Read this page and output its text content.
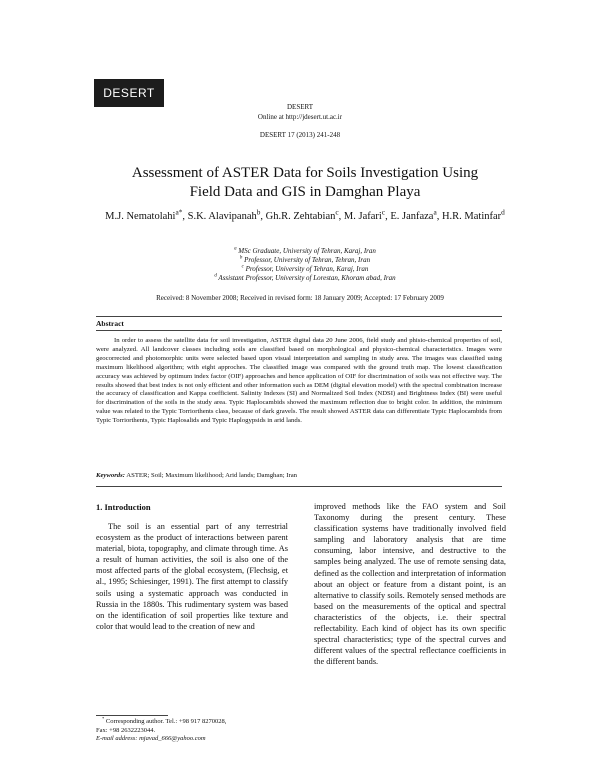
DESERT
DESERT
Online at http://jdesert.ut.ac.ir
DESERT 17 (2013) 241-248
Assessment of ASTER Data for Soils Investigation Using Field Data and GIS in Damghan Playa
M.J. Nematolahi$^{a*}$, S.K. Alavipanah$^b$, Gh.R. Zehtabian$^c$, M. Jafari$^c$, E. Janfaza$^a$, H.R. Matinfar$^d$
$^a$ MSc Graduate, University of Tehran, Karaj, Iran
$^b$ Professor, University of Tehran, Tehran, Iran
$^c$ Professor, University of Tehran, Karaj, Iran
$^d$ Assistant Professor, University of Lorestan, Khoram abad, Iran
Received: 8 November 2008; Received in revised form: 18 January 2009; Accepted: 17 February 2009
Abstract
In order to assess the satellite data for soil investigation, ASTER digital data 20 June 2006, field study and phisio-chemical properties of soil, were analyzed. All landcover classes including soils are classified based on morphological and physico-chemical characteristics. Images were geocorrected and photomorphic units were selected based upon visual interpretation and sampling in study area. The images was classified using maximum likelihood algorithm; with eight approches. The classified image was compared with the ground truth map. The lowest classification accuracy was achieved by optimum index factor (OIF) approaches and hence application of OIF for discrimination of soils was not effective way. The results showed that best index is not only efficient and other information such as DEM (digital elevation model) with the spectral combination increase the accuracy of classification and Kappa coefficient. Salinity Indexes (SI) and Normalized Soil Index (NDSI) and Brightness Index (BI) were useful for discrimination of the soils in the study area. Typic Haplocambids showed the maximum reflection due to bright color. In addition, the minimum value was related to the Typic Torriorthents class, because of dark gravels. The result showed ASTER data can differentiate Typic Haplocambids from Typic Torriorthents, Typic Haplosalids and Typic Haplogypsids in arid lands.
Keywords: ASTER; Soil; Maximum likelihood; Arid lands; Damghan; Iran
1. Introduction

The soil is an essential part of any terrestrial ecosystem as the product of interactions between parent material, biota, topography, and climate through time. As a result of human activities, the soil is also one of the most affected parts of the global ecosystem, (Flechsig, et al., 1995; Schiesinger, 1991). The first attempt to classify soils using a systematic approach was conducted in Russia in the 1880s. This rudimentary system was based on the identification of soil properties like texture and color that would lead to the creation of new and

improved methods like the FAO system and Soil Taxonomy during the present century. These classification systems have traditionally involved field sampling and laboratory analysis that are time consuming, labor intensive, and destructive to the samples being analyzed. The use of remote sensing data, defined as the collection and interpretation of information about an object or feature from a distant point, is an alternative to classify soils. Remotely sensed methods are based on the measurements of the optical and spectral characteristics of the objects, i.e. their spectral reflectability. Each kind of object has its own specific spectral characteristics; type of the spectral curves and different values of the spectral reflectance coefficients in the different bands.

* Corresponding author. Tel.: +98 917 8270028,
Fax: +98 2632223044.
E-mail address: mjavad_666@yahoo.com
